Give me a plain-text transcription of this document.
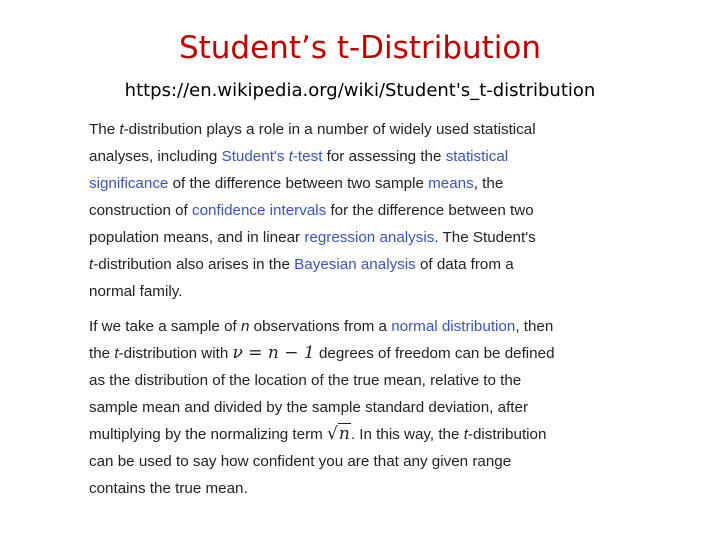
Student’s t-Distribution
https://en.wikipedia.org/wiki/Student's_t-distribution
The t-distribution plays a role in a number of widely used statistical
analyses, including Student's t-test for assessing the statistical
significance of the difference between two sample means, the
construction of confidence intervals for the difference between two
population means, and in linear regression analysis. The Student's
t-distribution also arises in the Bayesian analysis of data from a
normal family.
If we take a sample of n observations from a normal distribution, then
the t-distribution with ν = n − 1 degrees of freedom can be defined
as the distribution of the location of the true mean, relative to the
sample mean and divided by the sample standard deviation, after
multiplying by the normalizing term √n. In this way, the t-distribution
can be used to say how confident you are that any given range
contains the true mean.
